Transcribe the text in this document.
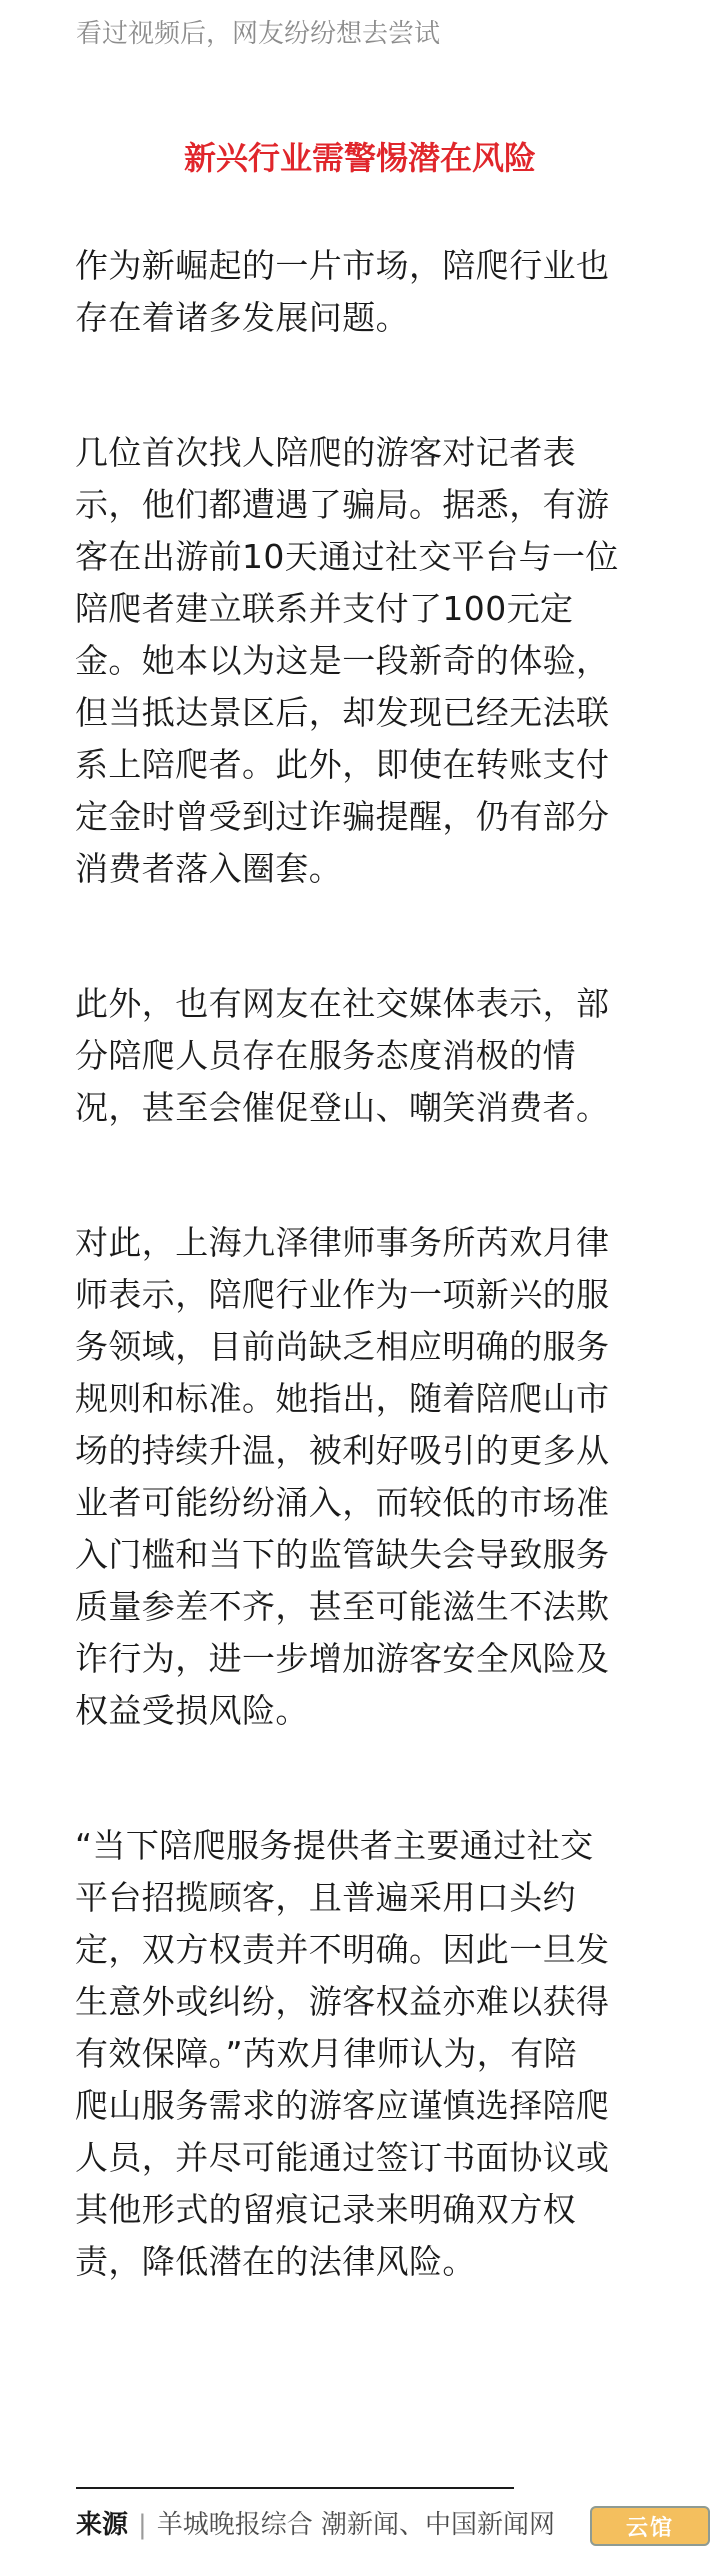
看过视频后，网友纷纷想去尝试
新兴行业需警惕潜在风险

作为新崛起的一片市场，陪爬行业也
存在着诸多发展问题。

几位首次找人陪爬的游客对记者表
示，他们都遭遇了骗局。据悉，有游
客在出游前10天通过社交平台与一位
陪爬者建立联系并支付了100元定
金。她本以为这是一段新奇的体验，
但当抵达景区后，却发现已经无法联
系上陪爬者。此外，即使在转账支付
定金时曾受到过诈骗提醒，仍有部分
消费者落入圈套。

此外，也有网友在社交媒体表示，部
分陪爬人员存在服务态度消极的情
况，甚至会催促登山、嘲笑消费者。

对此，上海九泽律师事务所芮欢月律
师表示，陪爬行业作为一项新兴的服
务领域，目前尚缺乏相应明确的服务
规则和标准。她指出，随着陪爬山市
场的持续升温，被利好吸引的更多从
业者可能纷纷涌入，而较低的市场准
入门槛和当下的监管缺失会导致服务
质量参差不齐，甚至可能滋生不法欺
诈行为，进一步增加游客安全风险及
权益受损风险。

“当下陪爬服务提供者主要通过社交
平台招揽顾客，且普遍采用口头约
定，双方权责并不明确。因此一旦发
生意外或纠纷，游客权益亦难以获得
有效保障。”芮欢月律师认为，有陪
爬山服务需求的游客应谨慎选择陪爬
人员，并尽可能通过签订书面协议或
其他形式的留痕记录来明确双方权
责，降低潜在的法律风险。

来源 | 羊城晚报综合 潮新闻、中国新闻网	云馆
